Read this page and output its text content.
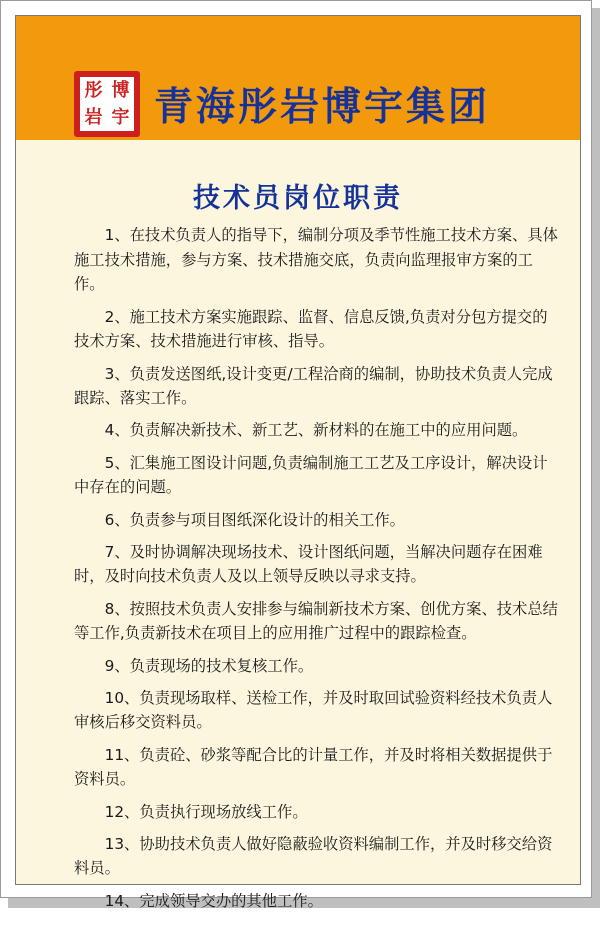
彤 博
岩 宇 青海彤岩博宇集团
技术员岗位职责

1、在技术负责人的指导下，编制分项及季节性施工技术方案、具体施工技术措施，参与方案、技术措施交底，负责向监理报审方案的工作。

2、施工技术方案实施跟踪、监督、信息反馈,负责对分包方提交的技术方案、技术措施进行审核、指导。

3、负责发送图纸,设计变更/工程洽商的编制，协助技术负责人完成跟踪、落实工作。

4、负责解决新技术、新工艺、新材料的在施工中的应用问题。

5、汇集施工图设计问题,负责编制施工工艺及工序设计，解决设计中存在的问题。

6、负责参与项目图纸深化设计的相关工作。

7、及时协调解决现场技术、设计图纸问题，当解决问题存在困难时，及时向技术负责人及以上领导反映以寻求支持。

8、按照技术负责人安排参与编制新技术方案、创优方案、技术总结等工作,负责新技术在项目上的应用推广过程中的跟踪检查。

9、负责现场的技术复核工作。

10、负责现场取样、送检工作，并及时取回试验资料经技术负责人审核后移交资料员。

11、负责砼、砂浆等配合比的计量工作，并及时将相关数据提供于资料员。

12、负责执行现场放线工作。

13、协助技术负责人做好隐蔽验收资料编制工作，并及时移交给资料员。

14、完成领导交办的其他工作。
